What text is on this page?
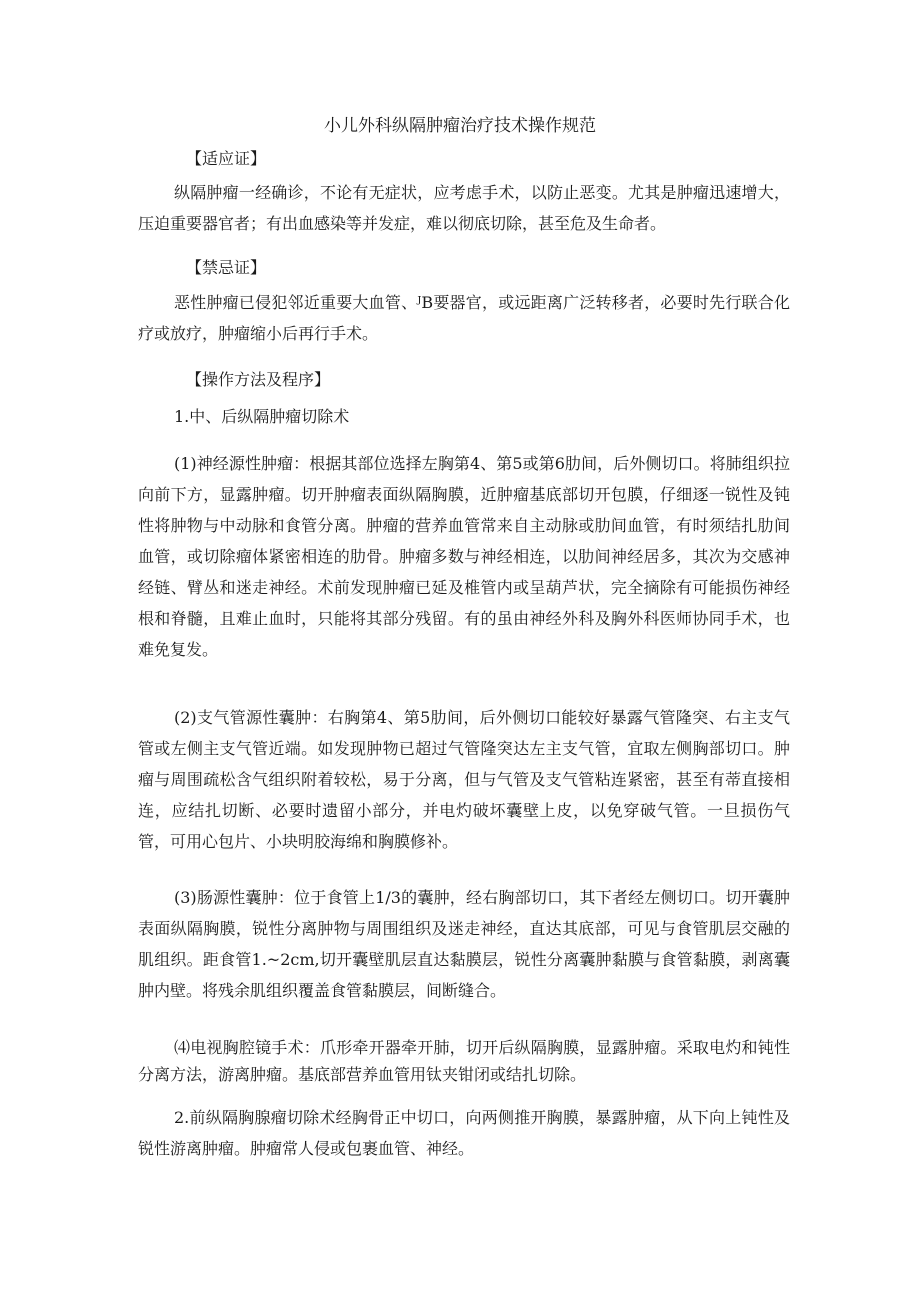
小儿外科纵隔肿瘤治疗技术操作规范
【适应证】
纵隔肿瘤一经确诊，不论有无症状，应考虑手术，以防止恶变。尤其是肿瘤迅速增大，压迫重要器官者；有出血感染等并发症，难以彻底切除，甚至危及生命者。
【禁忌证】
恶性肿瘤已侵犯邻近重要大血管、ᴶB要器官，或远距离广泛转移者，必要时先行联合化疗或放疗，肿瘤缩小后再行手术。
【操作方法及程序】
1.中、后纵隔肿瘤切除术
(1)神经源性肿瘤：根据其部位选择左胸第4、第5或第6肋间，后外侧切口。将肺组织拉向前下方，显露肿瘤。切开肿瘤表面纵隔胸膜，近肿瘤基底部切开包膜，仔细逐一锐性及钝性将肿物与中动脉和食管分离。肿瘤的营养血管常来自主动脉或肋间血管，有时须结扎肋间血管，或切除瘤体紧密相连的肋骨。肿瘤多数与神经相连，以肋间神经居多，其次为交感神经链、臂丛和迷走神经。术前发现肿瘤已延及椎管内或呈葫芦状，完全摘除有可能损伤神经根和脊髓，且难止血时，只能将其部分残留。有的虽由神经外科及胸外科医师协同手术，也难免复发。
(2)支气管源性囊肿：右胸第4、第5肋间，后外侧切口能较好暴露气管隆突、右主支气管或左侧主支气管近端。如发现肿物已超过气管隆突达左主支气管，宜取左侧胸部切口。肿瘤与周围疏松含气组织附着较松，易于分离，但与气管及支气管粘连紧密，甚至有蒂直接相连，应结扎切断、必要时遗留小部分，并电灼破坏囊壁上皮，以免穿破气管。一旦损伤气管，可用心包片、小块明胶海绵和胸膜修补。
(3)肠源性囊肿：位于食管上1/3的囊肿，经右胸部切口，其下者经左侧切口。切开囊肿表面纵隔胸膜，锐性分离肿物与周围组织及迷走神经，直达其底部，可见与食管肌层交融的肌组织。距食管1.~2cm,切开囊壁肌层直达黏膜层，锐性分离囊肿黏膜与食管黏膜，剥离囊肿内壁。将残余肌组织覆盖食管黏膜层，间断缝合。
⑷电视胸腔镜手术：爪形牵开器牵开肺，切开后纵隔胸膜，显露肿瘤。采取电灼和钝性分离方法，游离肿瘤。基底部营养血管用钛夹钳闭或结扎切除。
2.前纵隔胸腺瘤切除术经胸骨正中切口，向两侧推开胸膜，暴露肿瘤，从下向上钝性及锐性游离肿瘤。肿瘤常人侵或包裹血管、神经。
